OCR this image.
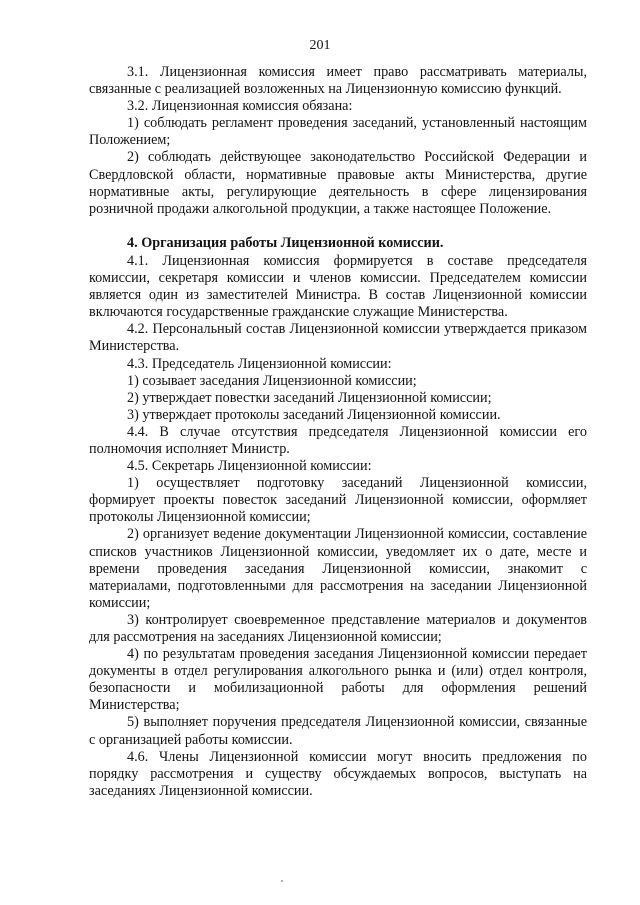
201

3.1. Лицензионная комиссия имеет право рассматривать материалы, связанные с реализацией возложенных на Лицензионную комиссию функций.

3.2. Лицензионная комиссия обязана:

1) соблюдать регламент проведения заседаний, установленный настоящим Положением;

2) соблюдать действующее законодательство Российской Федерации и Свердловской области, нормативные правовые акты Министерства, другие нормативные акты, регулирующие деятельность в сфере лицензирования розничной продажи алкогольной продукции, а также настоящее Положение.

4. Организация работы Лицензионной комиссии.

4.1. Лицензионная комиссия формируется в составе председателя комиссии, секретаря комиссии и членов комиссии. Председателем комиссии является один из заместителей Министра. В состав Лицензионной комиссии включаются государственные гражданские служащие Министерства.

4.2. Персональный состав Лицензионной комиссии утверждается приказом Министерства.

4.3. Председатель Лицензионной комиссии:

1) созывает заседания Лицензионной комиссии;

2) утверждает повестки заседаний Лицензионной комиссии;

3) утверждает протоколы заседаний Лицензионной комиссии.

4.4. В случае отсутствия председателя Лицензионной комиссии его полномочия исполняет Министр.

4.5. Секретарь Лицензионной комиссии:

1) осуществляет подготовку заседаний Лицензионной комиссии, формирует проекты повесток заседаний Лицензионной комиссии, оформляет протоколы Лицензионной комиссии;

2) организует ведение документации Лицензионной комиссии, составление списков участников Лицензионной комиссии, уведомляет их о дате, месте и времени проведения заседания Лицензионной комиссии, знакомит с материалами, подготовленными для рассмотрения на заседании Лицензионной комиссии;

3) контролирует своевременное представление материалов и документов для рассмотрения на заседаниях Лицензионной комиссии;

4) по результатам проведения заседания Лицензионной комиссии передает документы в отдел регулирования алкогольного рынка и (или) отдел контроля, безопасности и мобилизационной работы для оформления решений Министерства;

5) выполняет поручения председателя Лицензионной комиссии, связанные с организацией работы комиссии.

4.6. Члены Лицензионной комиссии могут вносить предложения по порядку рассмотрения и существу обсуждаемых вопросов, выступать на заседаниях Лицензионной комиссии.
